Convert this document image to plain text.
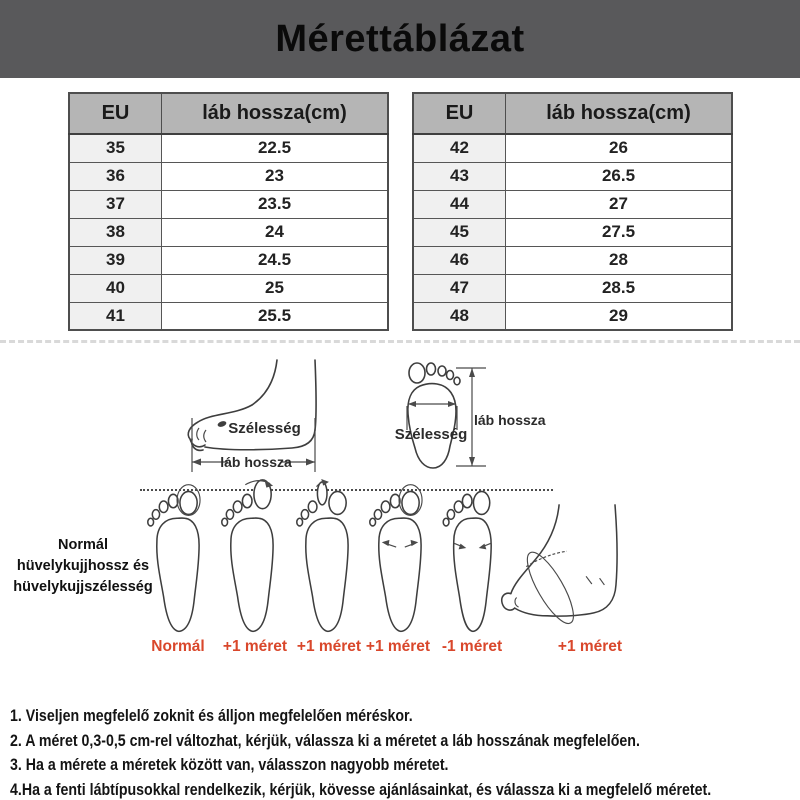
Mérettáblázat
EU	láb hossza(cm)
35	22.5
36	23
37	23.5
38	24
39	24.5
40	25
41	25.5
EU	láb hossza(cm)
42	26
43	26.5
44	27
45	27.5
46	28
47	28.5
48	29
Szélesség
láb hossza
láb hossza
Szélesség
Normál
hüvelykujjhossz és
hüvelykujjszélesség
Normál	+1 méret +1 méret +1 méret -1 méret	+1 méret
1. Viseljen megfelelő zoknit és álljon megfelelően méréskor.
2. A méret 0,3-0,5 cm-rel változhat, kérjük, válassza ki a méretet a láb hosszának megfelelően.
3. Ha a mérete a méretek között van, válasszon nagyobb méretet.
4.Ha a fenti lábtípusokkal rendelkezik, kérjük, kövesse ajánlásainkat, és válassza ki a megfelelő méretet.
